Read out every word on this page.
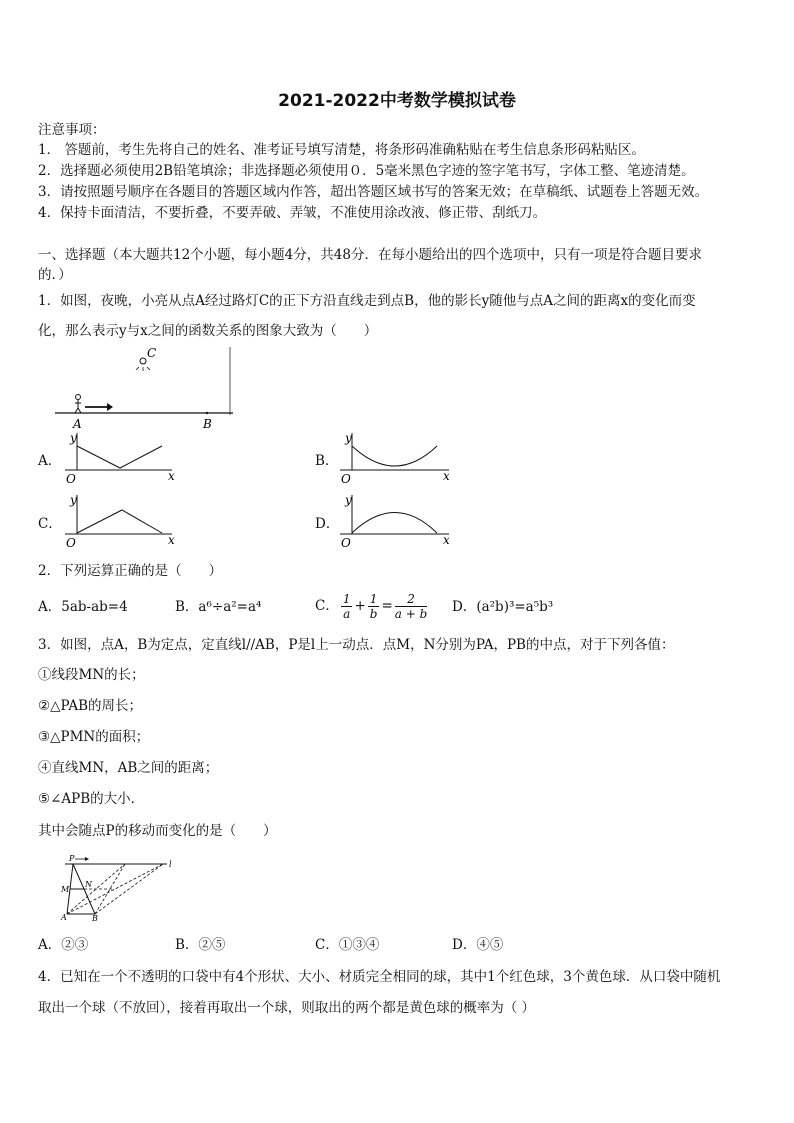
2021-2022中考数学模拟试卷
注意事项：
1． 答题前，考生先将自己的姓名、准考证号填写清楚，将条形码准确粘贴在考生信息条形码粘贴区。
2．选择题必须使用2B铅笔填涂；非选择题必须使用０．5毫米黑色字迹的签字笔书写，字体工整、笔迹清楚。
3．请按照题号顺序在各题目的答题区域内作答，超出答题区域书写的答案无效；在草稿纸、试题卷上答题无效。
4．保持卡面清洁，不要折叠，不要弄破、弄皱，不准使用涂改液、修正带、刮纸刀。
一、选择题（本大题共12个小题，每小题4分，共48分．在每小题给出的四个选项中，只有一项是符合题目要求
的．）
1．如图，夜晚，小亮从点A经过路灯C的正下方沿直线走到点B，他的影长y随他与点A之间的距离x的变化而变
化，那么表示y与x之间的函数关系的图象大致为（　　）
C
A	B
A．
y
x
O
B．
y
x
O
C．
y
x
O
D．
y
x
O
2．下列运算正确的是（　　）
A．5ab-ab=4	B．a⁶÷a²=a⁴	C． $\frac{1}{a} + \frac{1}{b} = \frac{2}{a + b}$ D．(a²b)³=a⁵b³
3．如图，点A，B为定点，定直线l//AB，P是l上一动点．点M，N分别为PA，PB的中点，对于下列各值：
①线段MN的长；
②△PAB的周长；
③△PMN的面积；
④直线MN，AB之间的距离；
⑤∠APB的大小．
其中会随点P的移动而变化的是（　　）
P
l
M
N
A	B
A．②③	B．②⑤	C．①③④	D．④⑤
4．已知在一个不透明的口袋中有4个形状、大小、材质完全相同的球，其中1个红色球，3个黄色球．从口袋中随机
取出一个球（不放回），接着再取出一个球，则取出的两个都是黄色球的概率为（ ）
